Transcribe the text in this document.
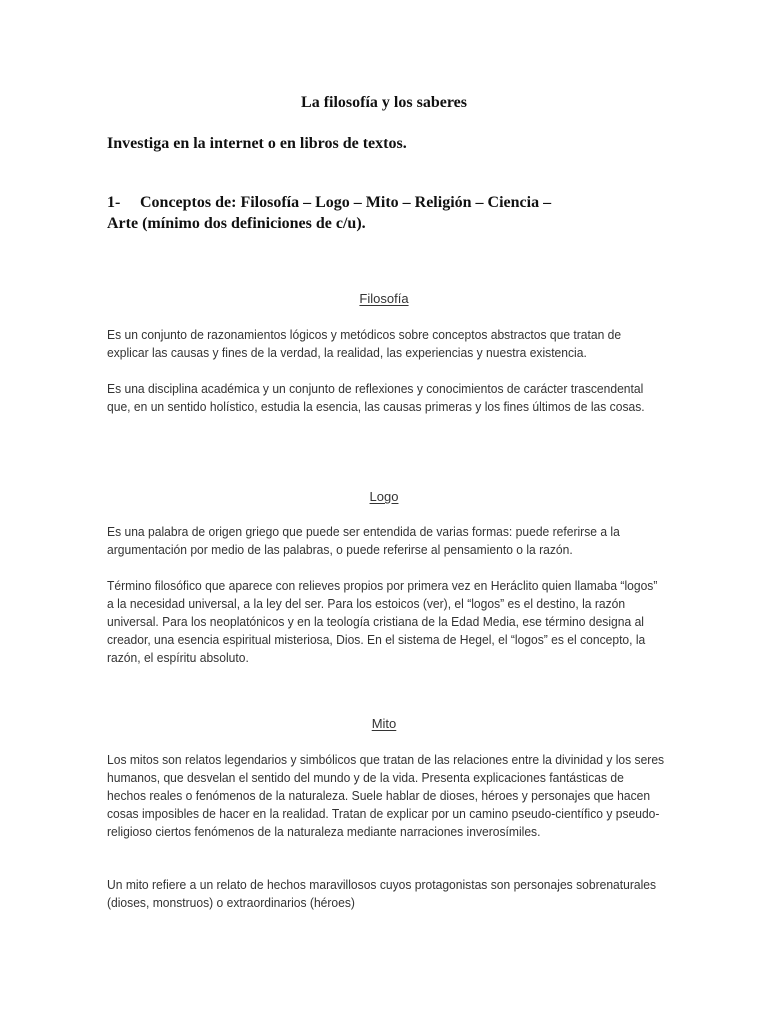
La filosofía y los saberes
Investiga en la internet o en libros de textos.
1- Conceptos de: Filosofía – Logo – Mito – Religión – Ciencia –
Arte (mínimo dos definiciones de c/u).
Filosofía

Es un conjunto de razonamientos lógicos y metódicos sobre conceptos abstractos que tratan de explicar las causas y fines de la verdad, la realidad, las experiencias y nuestra existencia.

Es una disciplina académica y un conjunto de reflexiones y conocimientos de carácter trascendental que, en un sentido holístico, estudia la esencia, las causas primeras y los fines últimos de las cosas.

Logo

Es una palabra de origen griego que puede ser entendida de varias formas: puede referirse a la argumentación por medio de las palabras, o puede referirse al pensamiento o la razón.

Término filosófico que aparece con relieves propios por primera vez en Heráclito quien llamaba “logos” a la necesidad universal, a la ley del ser. Para los estoicos (ver), el “logos” es el destino, la razón universal. Para los neoplatónicos y en la teología cristiana de la Edad Media, ese término designa al creador, una esencia espiritual misteriosa, Dios. En el sistema de Hegel, el “logos” es el concepto, la razón, el espíritu absoluto.

Mito

Los mitos son relatos legendarios y simbólicos que tratan de las relaciones entre la divinidad y los seres humanos, que desvelan el sentido del mundo y de la vida. Presenta explicaciones fantásticas de hechos reales o fenómenos de la naturaleza. Suele hablar de dioses, héroes y personajes que hacen cosas imposibles de hacer en la realidad. Tratan de explicar por un camino pseudo-científico y pseudo-religioso ciertos fenómenos de la naturaleza mediante narraciones inverosímiles.

Un mito refiere a un relato de hechos maravillosos cuyos protagonistas son personajes sobrenaturales (dioses, monstruos) o extraordinarios (héroes)
